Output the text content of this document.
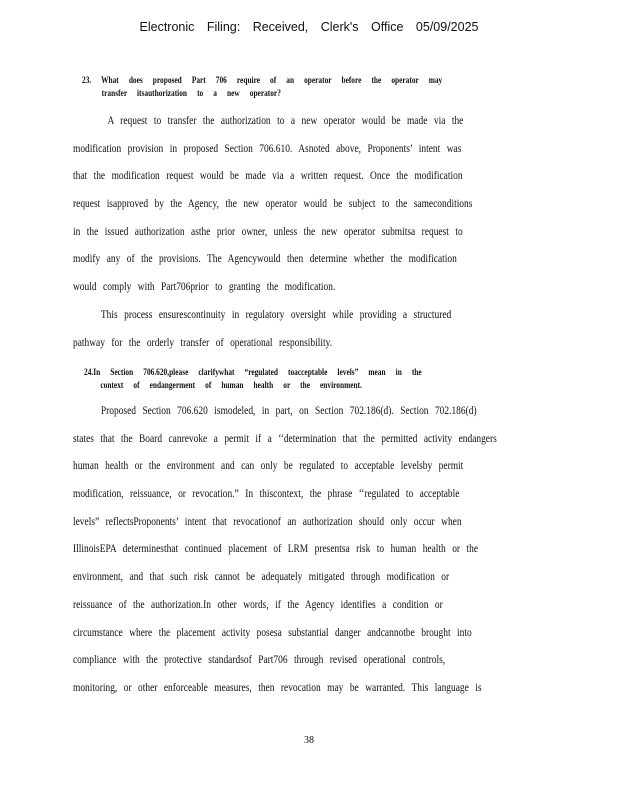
Electronic Filing: Received, Clerk's Office 05/09/2025
23. What does proposed Part 706 require of an operator before the operator may
transfer itsauthorization to a new operator?
A request to transfer the authorization to a new operator would be made via the
modification provision in proposed Section 706.610. Asnoted above, Proponents’ intent was
that the modification request would be made via a written request. Once the modification
request isapproved by the Agency, the new operator would be subject to the sameconditions
in the issued authorization asthe prior owner, unless the new operator submitsa request to
modify any of the provisions. The Agencywould then determine whether the modification
would comply with Part706prior to granting the modification.
This process ensurescontinuity in regulatory oversight while providing a structured
pathway for the orderly transfer of operational responsibility.
24.In Section 706.620,please clarifywhat “regulated toacceptable levels” mean in the
context of endangerment of human health or the environment.
Proposed Section 706.620 ismodeled, in part, on Section 702.186(d). Section 702.186(d)
states that the Board canrevoke a permit if a ‘‘determination that the permitted activity endangers
human health or the environment and can only be regulated to acceptable levelsby permit
modification, reissuance, or revocation.” In thiscontext, the phrase ‘‘regulated to acceptable
levels” reflectsProponents’ intent that revocationof an authorization should only occur when
IllinoisEPA determinesthat continued placement of LRM presentsa risk to human health or the
environment, and that such risk cannot be adequately mitigated through modification or
reissuance of the authorization.In other words, if the Agency identifies a condition or
circumstance where the placement activity posesa substantial danger andcannotbe brought into
compliance with the protective standardsof Part706 through revised operational controls,
monitoring, or other enforceable measures, then revocation may be warranted. This language is
38
